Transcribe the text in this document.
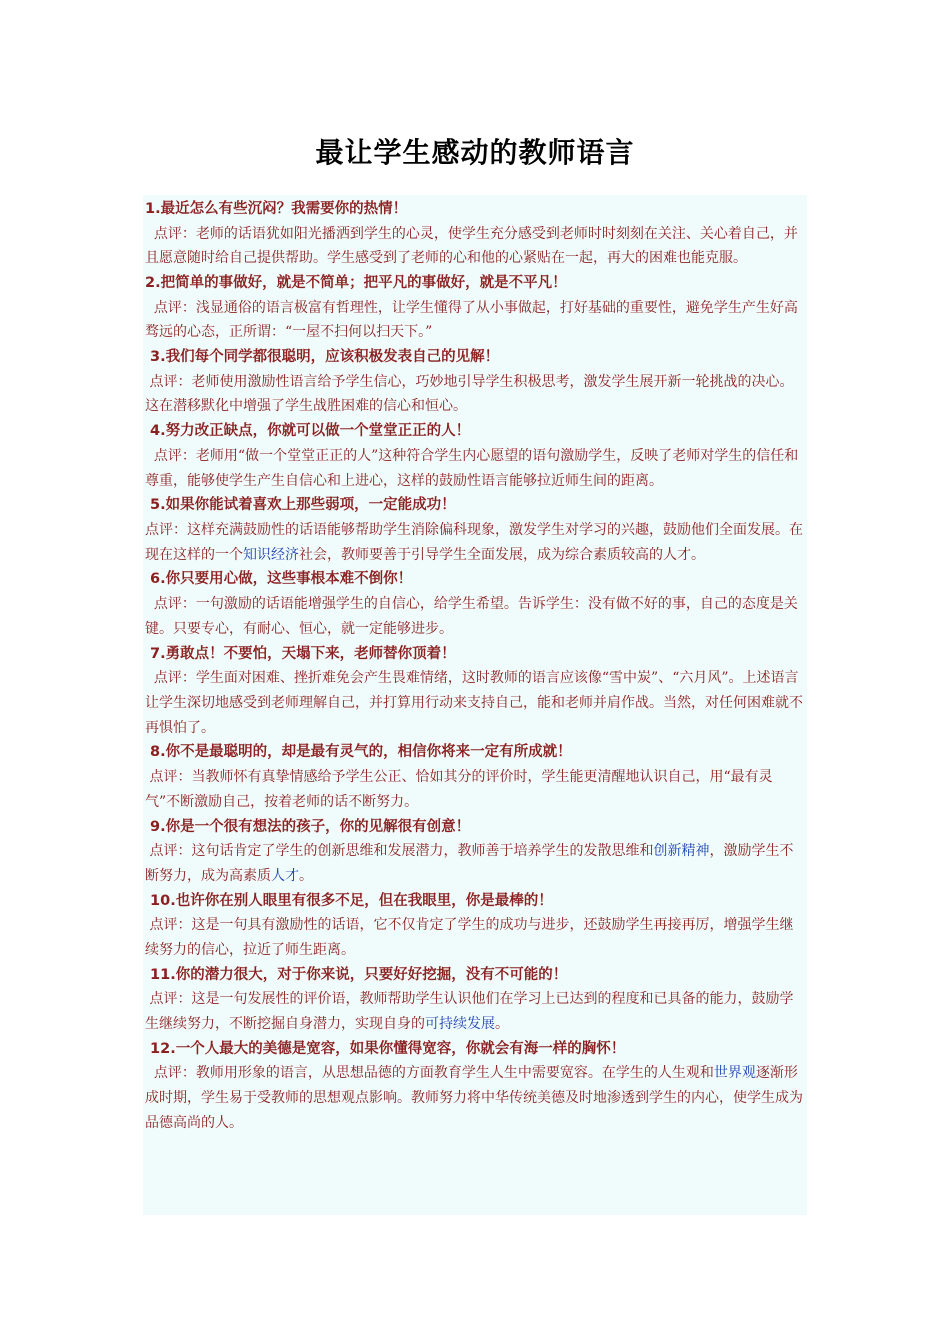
最让学生感动的教师语言

1.最近怎么有些沉闷？我需要你的热情！

点评：老师的话语犹如阳光播洒到学生的心灵，使学生充分感受到老师时时刻刻在关注、关心着自己，并且愿意随时给自己提供帮助。学生感受到了老师的心和他的心紧贴在一起，再大的困难也能克服。

2.把简单的事做好，就是不简单；把平凡的事做好，就是不平凡！

点评：浅显通俗的语言极富有哲理性，让学生懂得了从小事做起，打好基础的重要性，避免学生产生好高骛远的心态，正所谓：“一屋不扫何以扫天下。”

3.我们每个同学都很聪明，应该积极发表自己的见解！

点评：老师使用激励性语言给予学生信心，巧妙地引导学生积极思考，激发学生展开新一轮挑战的决心。这在潜移默化中增强了学生战胜困难的信心和恒心。

4.努力改正缺点，你就可以做一个堂堂正正的人！

点评：老师用“做一个堂堂正正的人”这种符合学生内心愿望的语句激励学生，反映了老师对学生的信任和尊重，能够使学生产生自信心和上进心，这样的鼓励性语言能够拉近师生间的距离。

5.如果你能试着喜欢上那些弱项，一定能成功！

点评：这样充满鼓励性的话语能够帮助学生消除偏科现象，激发学生对学习的兴趣，鼓励他们全面发展。在现在这样的一个知识经济社会，教师要善于引导学生全面发展，成为综合素质较高的人才。

6.你只要用心做，这些事根本难不倒你！

点评：一句激励的话语能增强学生的自信心，给学生希望。告诉学生：没有做不好的事，自己的态度是关键。只要专心，有耐心、恒心，就一定能够进步。

7.勇敢点！不要怕，天塌下来，老师替你顶着！

点评：学生面对困难、挫折难免会产生畏难情绪，这时教师的语言应该像“雪中炭”、“六月风”。上述语言让学生深切地感受到老师理解自己，并打算用行动来支持自己，能和老师并肩作战。当然，对任何困难就不再惧怕了。

8.你不是最聪明的，却是最有灵气的，相信你将来一定有所成就！

点评：当教师怀有真挚情感给予学生公正、恰如其分的评价时，学生能更清醒地认识自己，用“最有灵气”不断激励自己，按着老师的话不断努力。

9.你是一个很有想法的孩子，你的见解很有创意！

点评：这句话肯定了学生的创新思维和发展潜力，教师善于培养学生的发散思维和创新精神，激励学生不断努力，成为高素质人才。

10.也许你在别人眼里有很多不足，但在我眼里，你是最棒的！

点评：这是一句具有激励性的话语，它不仅肯定了学生的成功与进步，还鼓励学生再接再厉，增强学生继续努力的信心，拉近了师生距离。

11.你的潜力很大，对于你来说，只要好好挖掘，没有不可能的！

点评：这是一句发展性的评价语，教师帮助学生认识他们在学习上已达到的程度和已具备的能力，鼓励学生继续努力，不断挖掘自身潜力，实现自身的可持续发展。

12.一个人最大的美德是宽容，如果你懂得宽容，你就会有海一样的胸怀！

点评：教师用形象的语言，从思想品德的方面教育学生人生中需要宽容。在学生的人生观和世界观逐渐形成时期，学生易于受教师的思想观点影响。教师努力将中华传统美德及时地渗透到学生的内心，使学生成为品德高尚的人。
